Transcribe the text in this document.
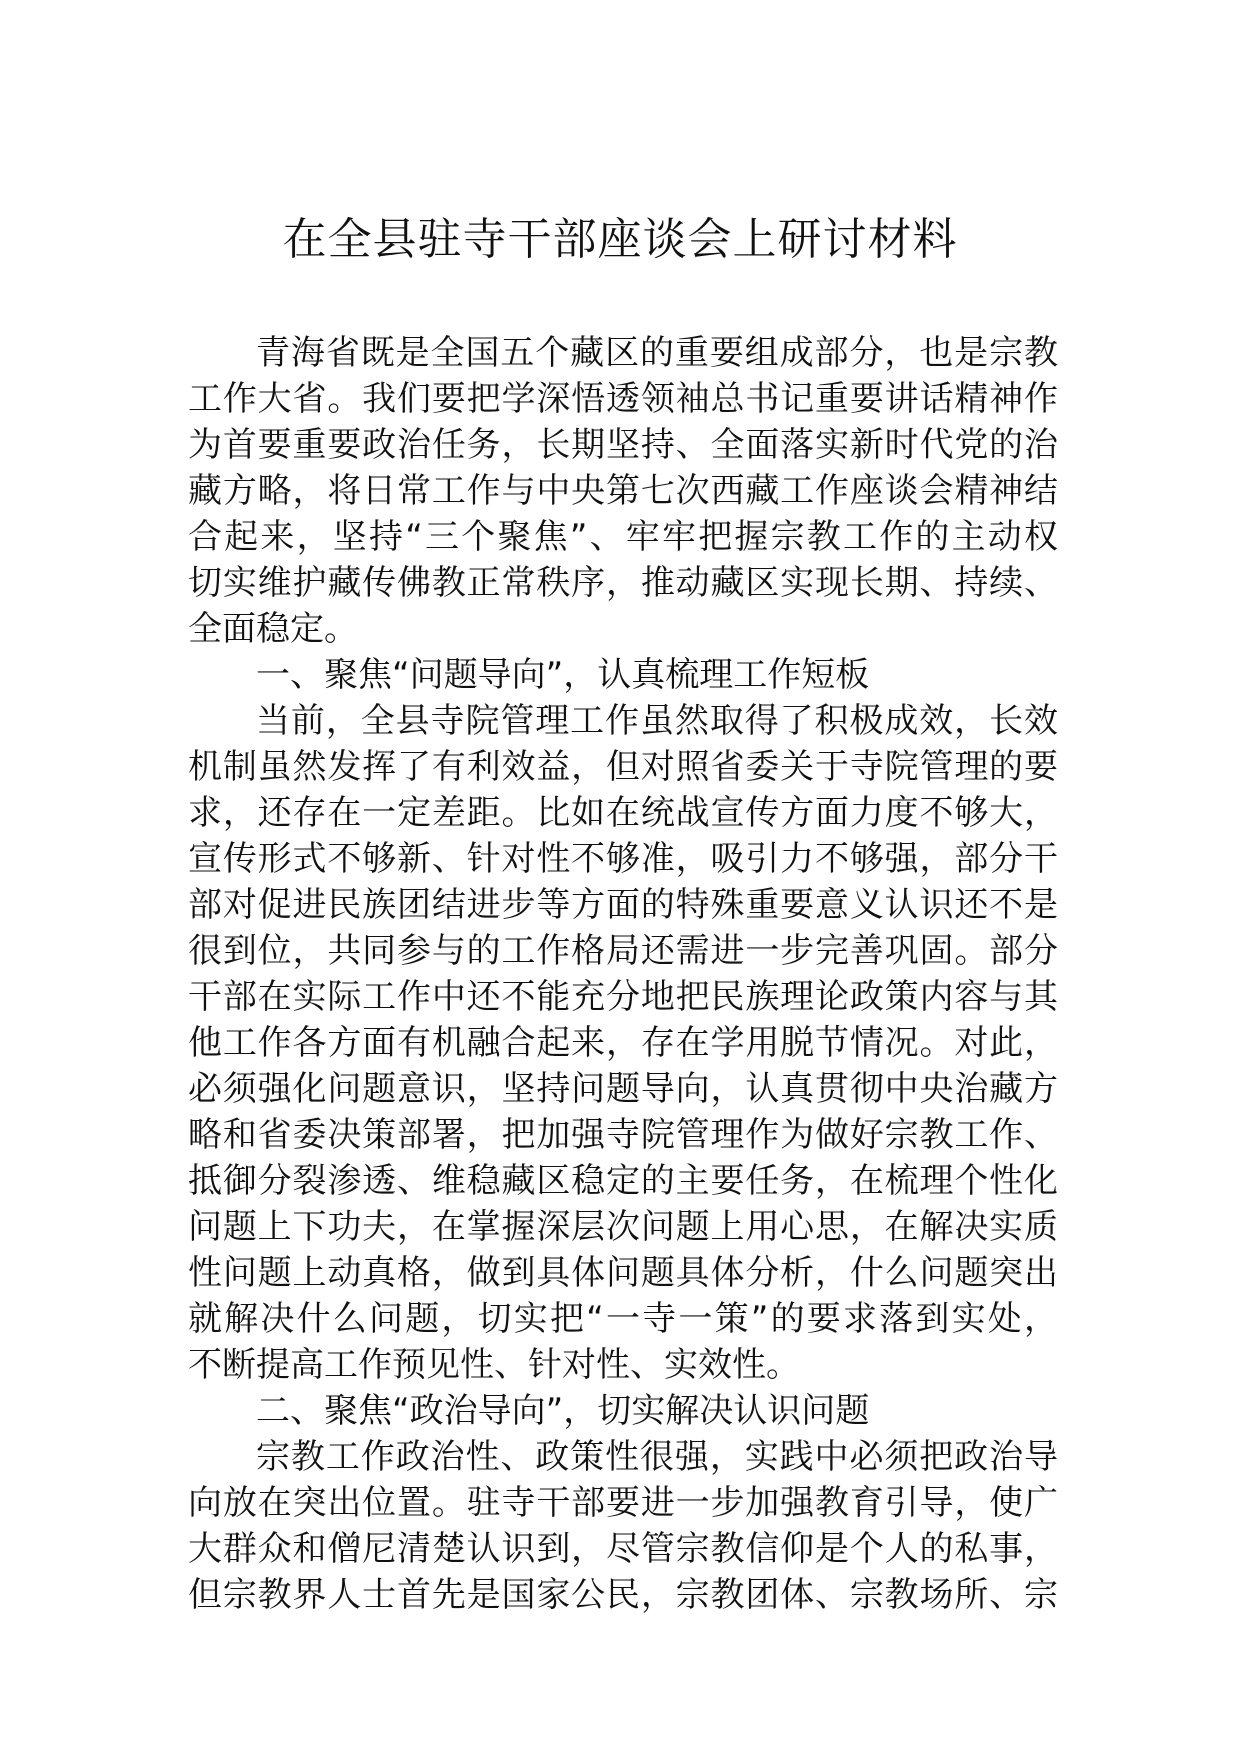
在全县驻寺干部座谈会上研讨材料
青海省既是全国五个藏区的重要组成部分，也是宗教
工作大省。我们要把学深悟透领袖总书记重要讲话精神作
为首要重要政治任务，长期坚持、全面落实新时代党的治
藏方略，将日常工作与中央第七次西藏工作座谈会精神结
合起来，坚持“三个聚焦”、牢牢把握宗教工作的主动权
切实维护藏传佛教正常秩序，推动藏区实现长期、持续、
全面稳定。
一、聚焦“问题导向”，认真梳理工作短板
当前，全县寺院管理工作虽然取得了积极成效，长效
机制虽然发挥了有利效益，但对照省委关于寺院管理的要
求，还存在一定差距。比如在统战宣传方面力度不够大，
宣传形式不够新、针对性不够准，吸引力不够强，部分干
部对促进民族团结进步等方面的特殊重要意义认识还不是
很到位，共同参与的工作格局还需进一步完善巩固。部分
干部在实际工作中还不能充分地把民族理论政策内容与其
他工作各方面有机融合起来，存在学用脱节情况。对此，
必须强化问题意识，坚持问题导向，认真贯彻中央治藏方
略和省委决策部署，把加强寺院管理作为做好宗教工作、
抵御分裂渗透、维稳藏区稳定的主要任务，在梳理个性化
问题上下功夫，在掌握深层次问题上用心思，在解决实质
性问题上动真格，做到具体问题具体分析，什么问题突出
就解决什么问题，切实把“一寺一策”的要求落到实处，
不断提高工作预见性、针对性、实效性。
二、聚焦“政治导向”，切实解决认识问题
宗教工作政治性、政策性很强，实践中必须把政治导
向放在突出位置。驻寺干部要进一步加强教育引导，使广
大群众和僧尼清楚认识到，尽管宗教信仰是个人的私事，
但宗教界人士首先是国家公民，宗教团体、宗教场所、宗
